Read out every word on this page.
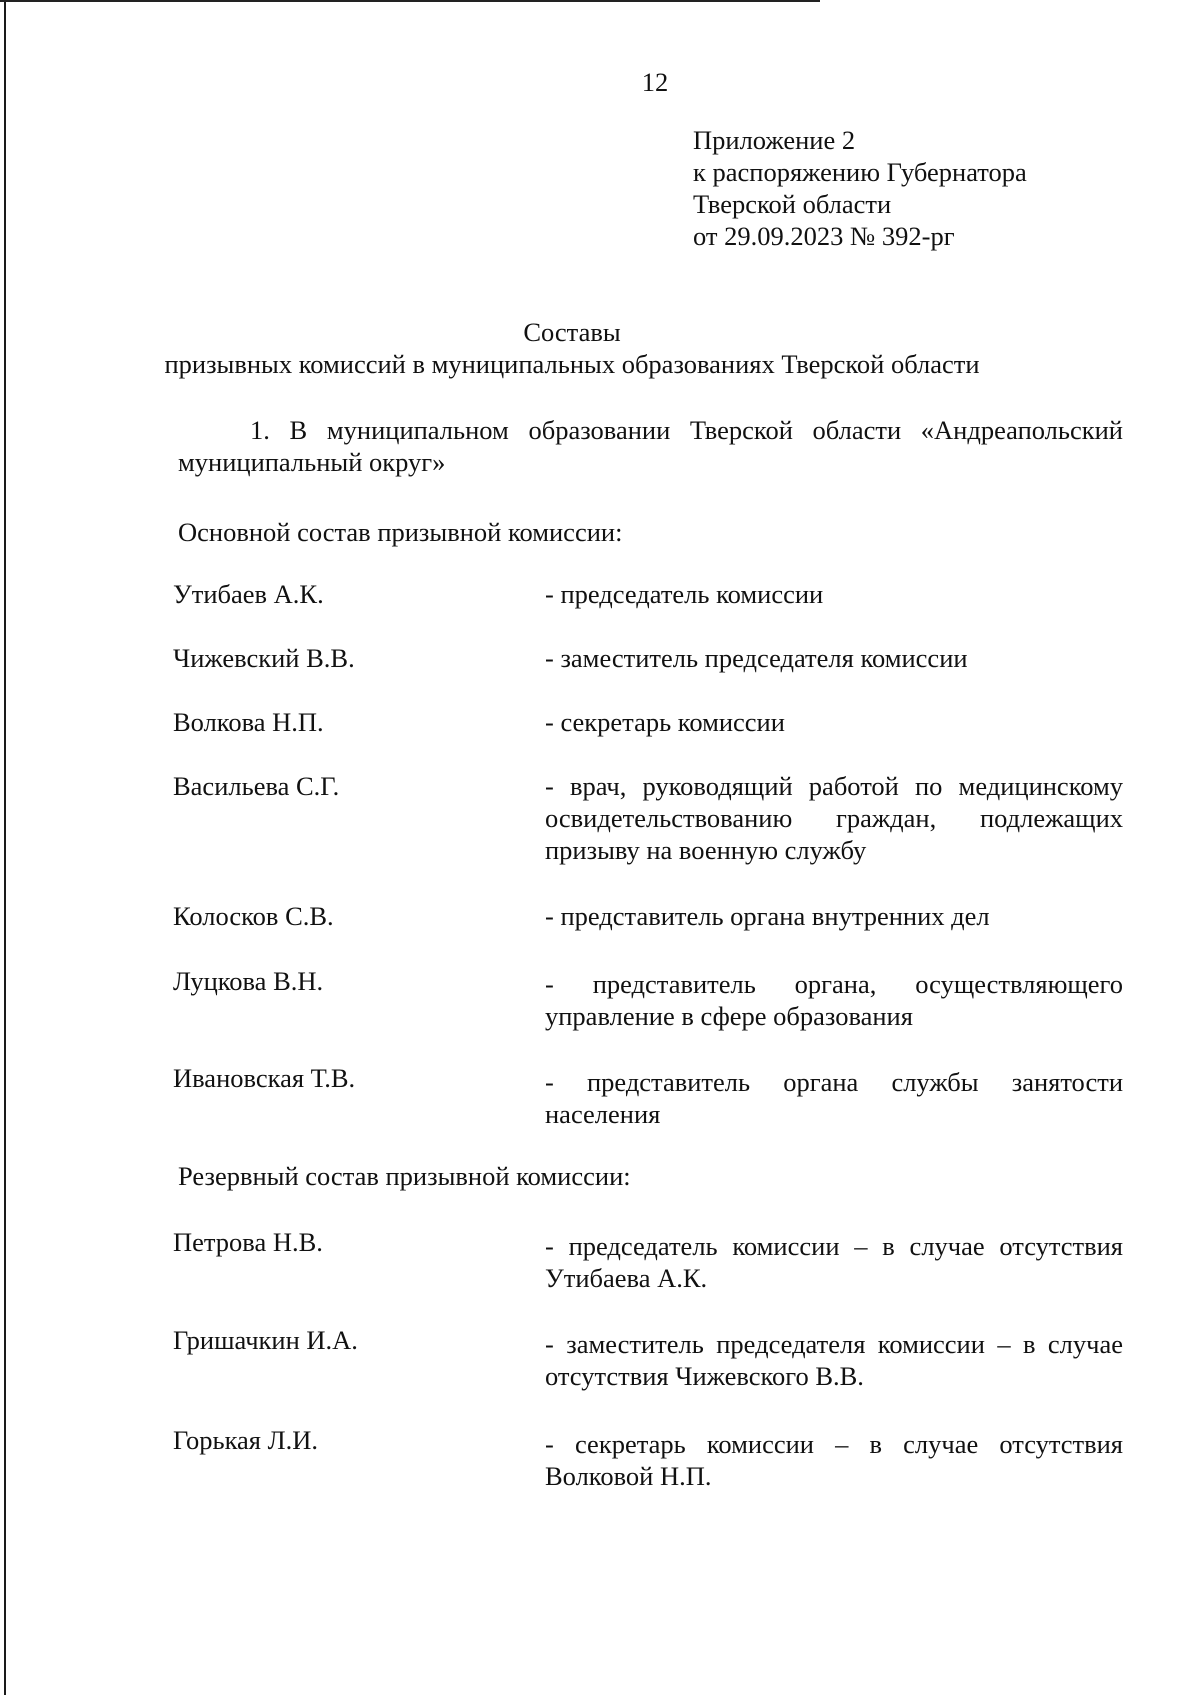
12
Приложение 2
к распоряжению Губернатора
Тверской области
от 29.09.2023 № 392-рг
Составы
призывных комиссий в муниципальных образованиях Тверской области
1. В муниципальном образовании Тверской области «Андреапольский муниципальный округ»
Основной состав призывной комиссии:
Утибаев А.К.	- председатель комиссии
Чижевский В.В.	- заместитель председателя комиссии
Волкова Н.П.	- секретарь комиссии
Васильева С.Г.	- врач, руководящий работой по медицинскому освидетельствованию граждан, подлежащих призыву на военную службу
Колосков С.В.	- представитель органа внутренних дел
Луцкова В.Н.	- представитель органа, осуществляющего управление в сфере образования
Ивановская Т.В.	- представитель органа службы занятости населения
Резервный состав призывной комиссии:
Петрова Н.В.	- председатель комиссии – в случае отсутствия Утибаева А.К.
Гришачкин И.А.	- заместитель председателя комиссии – в случае отсутствия Чижевского В.В.
Горькая Л.И.	- секретарь комиссии – в случае отсутствия Волковой Н.П.
